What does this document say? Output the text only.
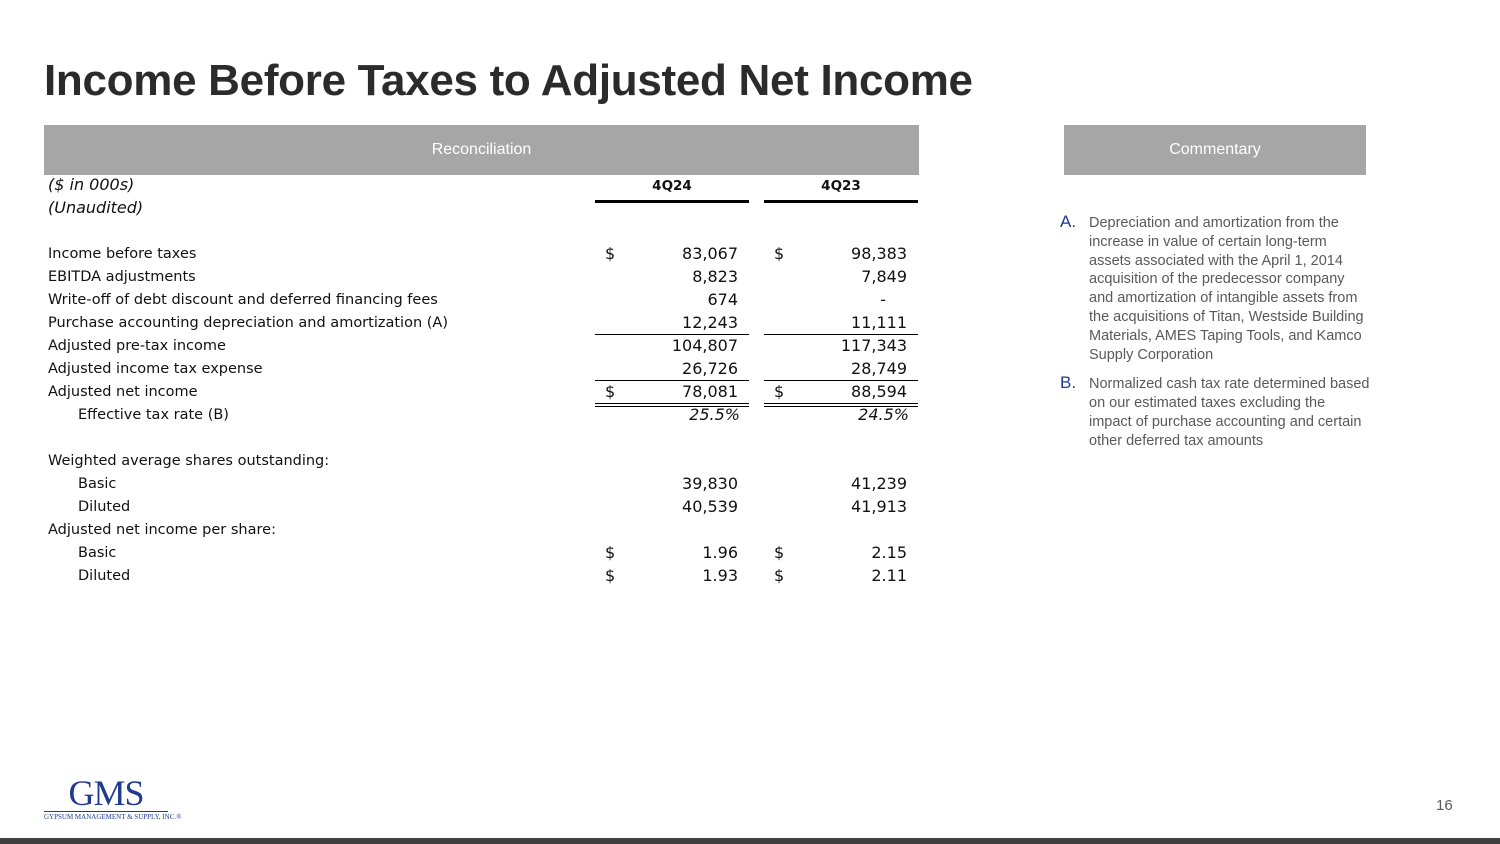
Income Before Taxes to Adjusted Net Income
Reconciliation	Commentary
($ in 000s)	4Q24	4Q23
(Unaudited)
Income before taxes	$	83,067 $	98,383
EBITDA adjustments	8,823	7,849
Write-off of debt discount and deferred financing fees	674	-
Purchase accounting depreciation and amortization (A)	12,243	11,111
Adjusted pre-tax income	104,807	117,343
Adjusted income tax expense	26,726	28,749
Adjusted net income	$	78,081 $	88,594
Effective tax rate (B)	25.5%	24.5%
Weighted average shares outstanding:
Basic	39,830	41,239
Diluted	40,539	41,913
Adjusted net income per share:
Basic	$	1.96 $	2.15
Diluted	$	1.93 $	2.11
A. Depreciation and amortization from the increase in value of certain long-term assets associated with the April 1, 2014 acquisition of the predecessor company and amortization of intangible assets from the acquisitions of Titan, Westside Building Materials, AMES Taping Tools, and Kamco Supply Corporation
B. Normalized cash tax rate determined based on our estimated taxes excluding the impact of purchase accounting and certain other deferred tax amounts
GMS
GYPSUM MANAGEMENT & SUPPLY, INC.®
16
